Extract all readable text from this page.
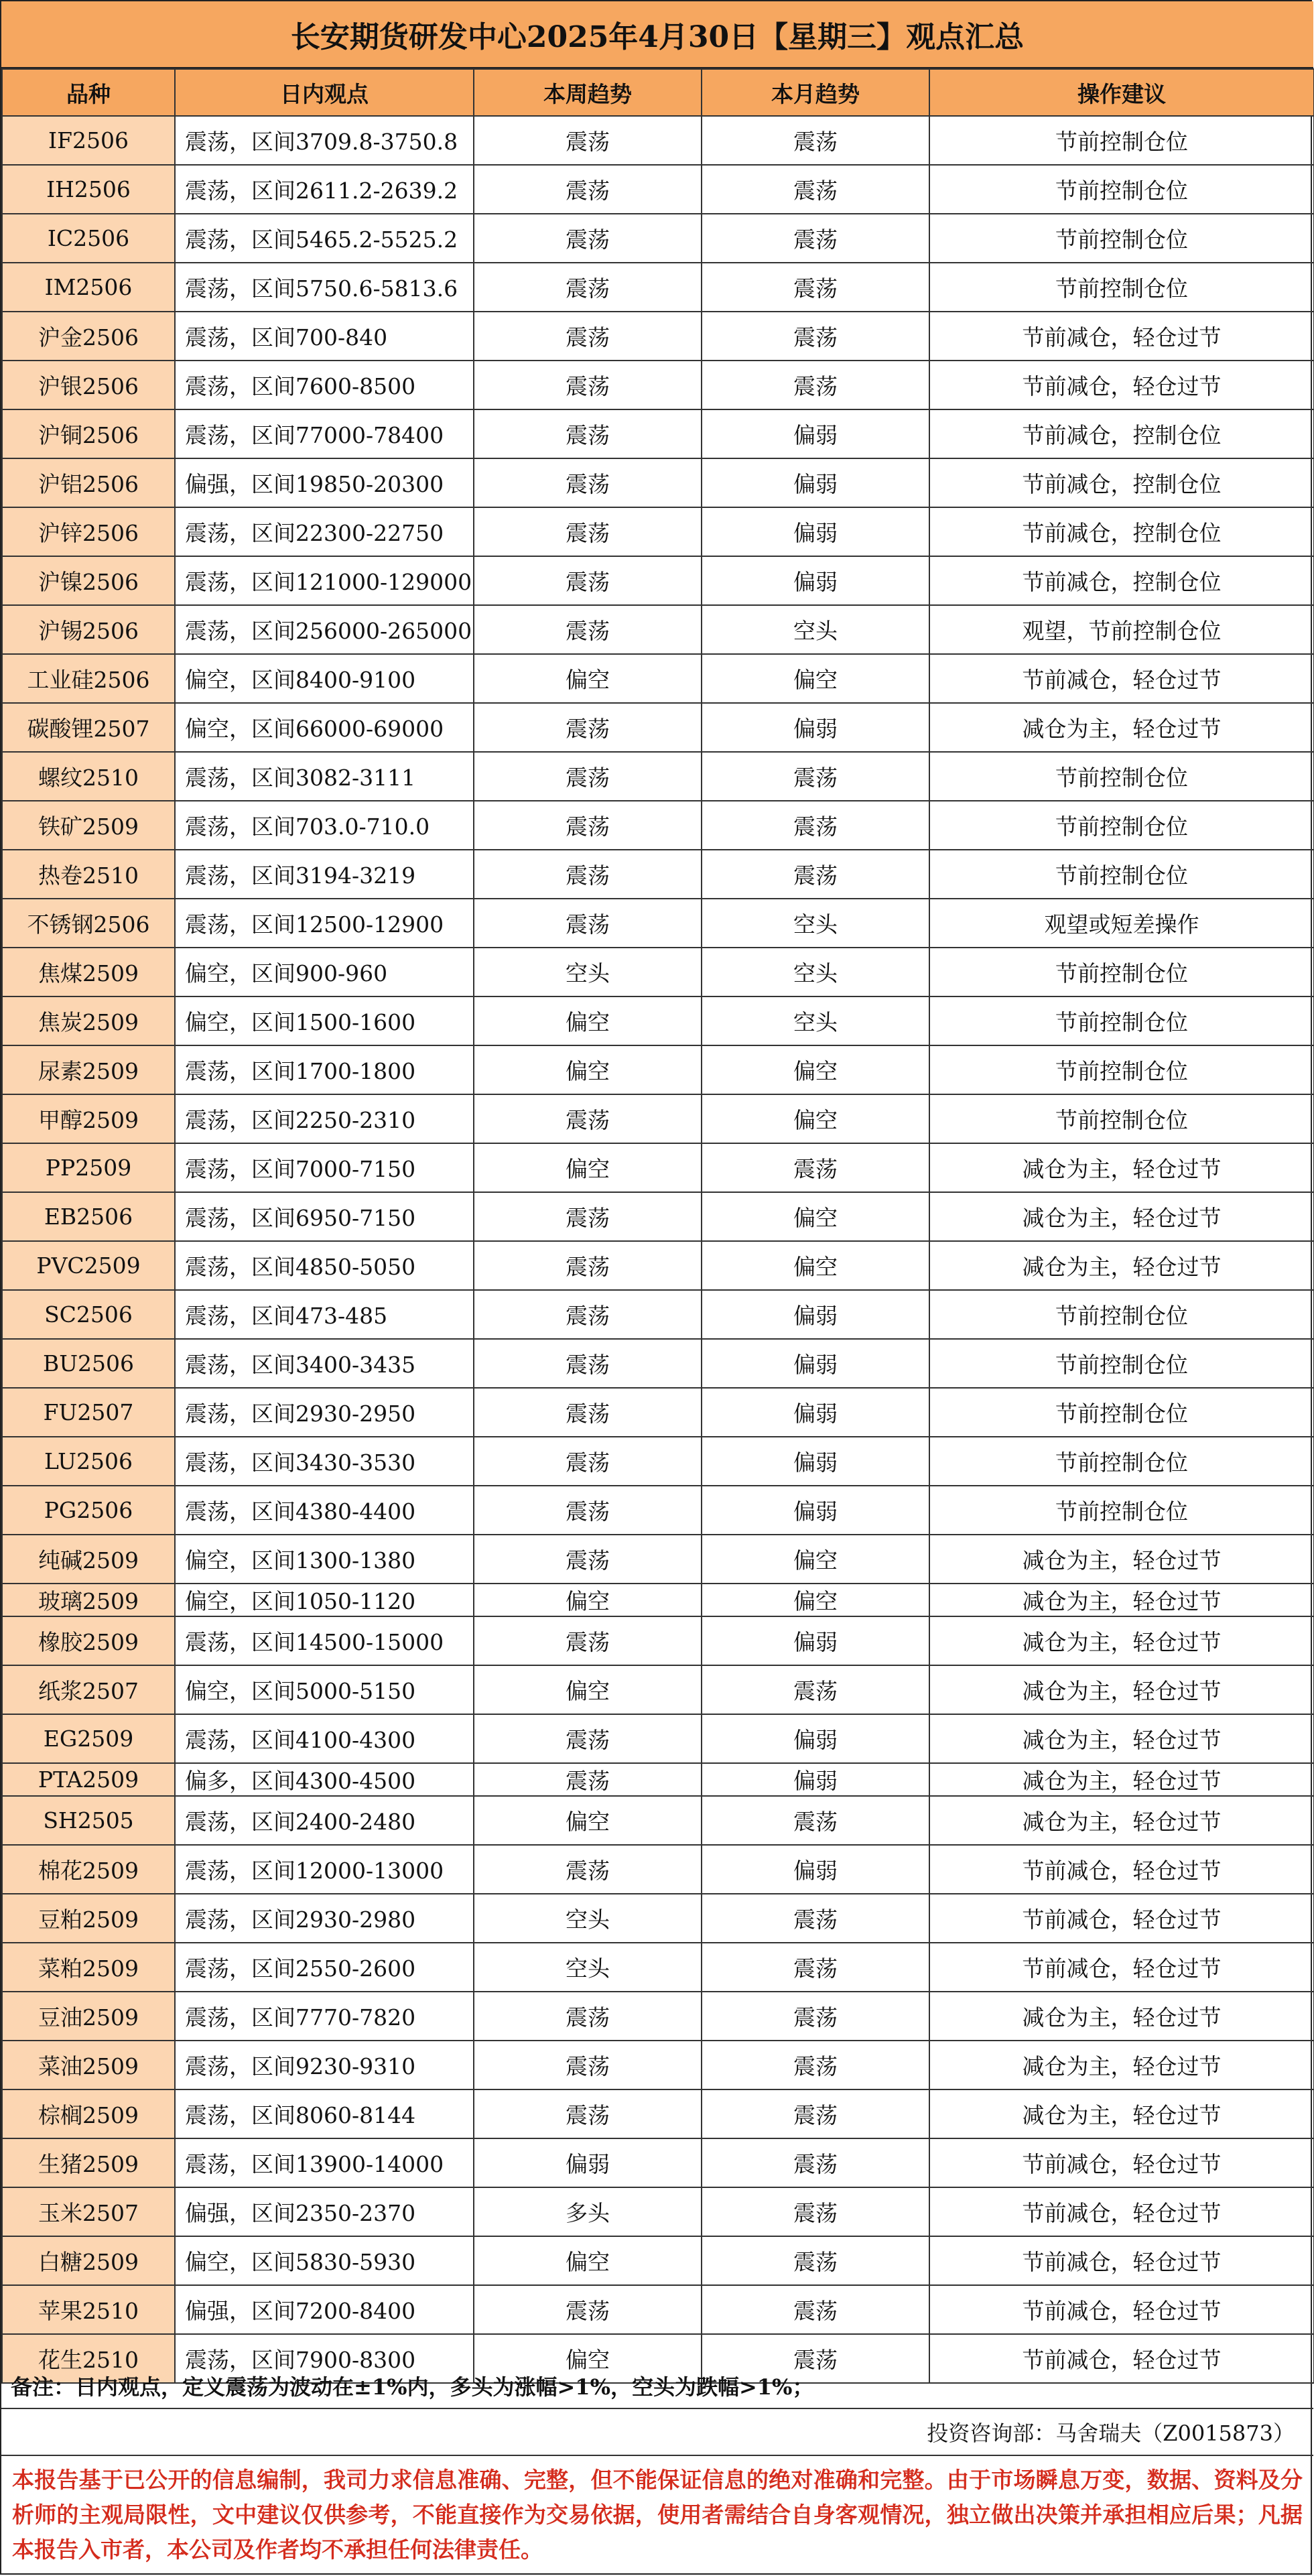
长安期货研发中心2025年4月30日【星期三】观点汇总
品种	日内观点	本周趋势	本月趋势	操作建议
IF2506	震荡，区间3709.8-3750.8	震荡	震荡	节前控制仓位
IH2506	震荡，区间2611.2-2639.2	震荡	震荡	节前控制仓位
IC2506	震荡，区间5465.2-5525.2	震荡	震荡	节前控制仓位
IM2506	震荡，区间5750.6-5813.6	震荡	震荡	节前控制仓位
沪金2506	震荡，区间700-840	震荡	震荡	节前减仓，轻仓过节
沪银2506	震荡，区间7600-8500	震荡	震荡	节前减仓，轻仓过节
沪铜2506	震荡，区间77000-78400	震荡	偏弱	节前减仓，控制仓位
沪铝2506	偏强，区间19850-20300	震荡	偏弱	节前减仓，控制仓位
沪锌2506	震荡，区间22300-22750	震荡	偏弱	节前减仓，控制仓位
沪镍2506	震荡，区间121000-129000	震荡	偏弱	节前减仓，控制仓位
沪锡2506	震荡，区间256000-265000	震荡	空头	观望，节前控制仓位
工业硅2506	偏空，区间8400-9100	偏空	偏空	节前减仓，轻仓过节
碳酸锂2507	偏空，区间66000-69000	震荡	偏弱	减仓为主，轻仓过节
螺纹2510	震荡，区间3082-3111	震荡	震荡	节前控制仓位
铁矿2509	震荡，区间703.0-710.0	震荡	震荡	节前控制仓位
热卷2510	震荡，区间3194-3219	震荡	震荡	节前控制仓位
不锈钢2506	震荡，区间12500-12900	震荡	空头	观望或短差操作
焦煤2509	偏空，区间900-960	空头	空头	节前控制仓位
焦炭2509	偏空，区间1500-1600	偏空	空头	节前控制仓位
尿素2509	震荡，区间1700-1800	偏空	偏空	节前控制仓位
甲醇2509	震荡，区间2250-2310	震荡	偏空	节前控制仓位
PP2509	震荡，区间7000-7150	偏空	震荡	减仓为主，轻仓过节
EB2506	震荡，区间6950-7150	震荡	偏空	减仓为主，轻仓过节
PVC2509	震荡，区间4850-5050	震荡	偏空	减仓为主，轻仓过节
SC2506	震荡，区间473-485	震荡	偏弱	节前控制仓位
BU2506	震荡，区间3400-3435	震荡	偏弱	节前控制仓位
FU2507	震荡，区间2930-2950	震荡	偏弱	节前控制仓位
LU2506	震荡，区间3430-3530	震荡	偏弱	节前控制仓位
PG2506	震荡，区间4380-4400	震荡	偏弱	节前控制仓位
纯碱2509	偏空，区间1300-1380	震荡	偏空	减仓为主，轻仓过节
玻璃2509	偏空，区间1050-1120	偏空	偏空	减仓为主，轻仓过节
橡胶2509	震荡，区间14500-15000	震荡	偏弱	减仓为主，轻仓过节
纸浆2507	偏空，区间5000-5150	偏空	震荡	减仓为主，轻仓过节
EG2509	震荡，区间4100-4300	震荡	偏弱	减仓为主，轻仓过节
PTA2509	偏多，区间4300-4500	震荡	偏弱	减仓为主，轻仓过节
SH2505	震荡，区间2400-2480	偏空	震荡	减仓为主，轻仓过节
棉花2509	震荡，区间12000-13000	震荡	偏弱	节前减仓，轻仓过节
豆粕2509	震荡，区间2930-2980	空头	震荡	节前减仓，轻仓过节
菜粕2509	震荡，区间2550-2600	空头	震荡	节前减仓，轻仓过节
豆油2509	震荡，区间7770-7820	震荡	震荡	减仓为主，轻仓过节
菜油2509	震荡，区间9230-9310	震荡	震荡	减仓为主，轻仓过节
棕榈2509	震荡，区间8060-8144	震荡	震荡	减仓为主，轻仓过节
生猪2509	震荡，区间13900-14000	偏弱	震荡	节前减仓，轻仓过节
玉米2507	偏强，区间2350-2370	多头	震荡	节前减仓，轻仓过节
白糖2509	偏空，区间5830-5930	偏空	震荡	节前减仓，轻仓过节
苹果2510	偏强，区间7200-8400	震荡	震荡	节前减仓，轻仓过节
花生2510	震荡，区间7900-8300	偏空	震荡	节前减仓，轻仓过节
备注：日内观点，定义震荡为波动在±1%内，多头为涨幅>1%，空头为跌幅>1%；
投资咨询部：马舍瑞夫（Z0015873）
本报告基于已公开的信息编制，我司力求信息准确、完整，但不能保证信息的绝对准确和完整。由于市场瞬息万变，数据、资料及分析师的主观局限性，文中建议仅供参考，不能直接作为交易依据，使用者需结合自身客观情况，独立做出决策并承担相应后果；凡据本报告入市者，本公司及作者均不承担任何法律责任。
